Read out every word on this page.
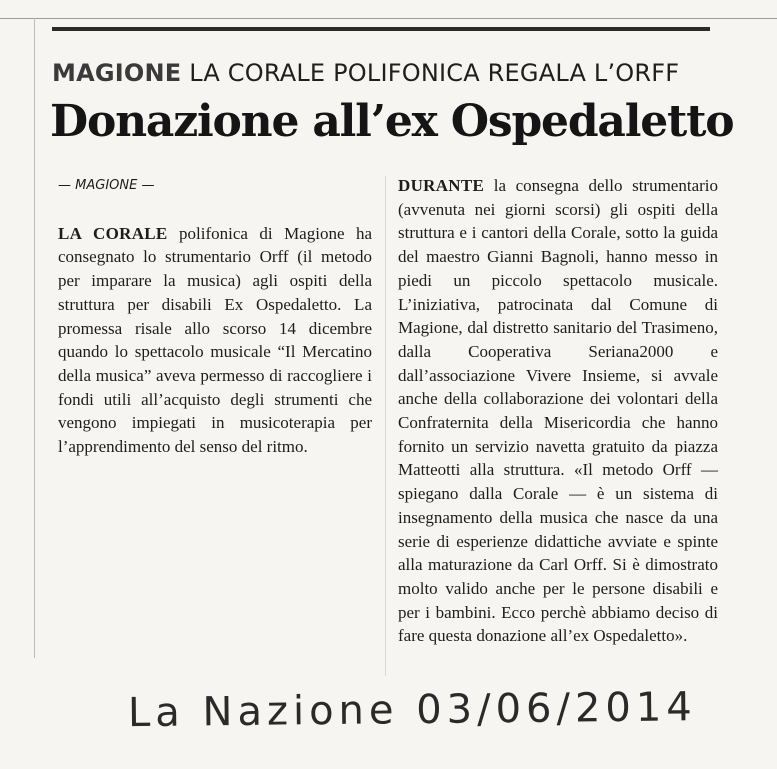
MAGIONE LA CORALE POLIFONICA REGALA L’ORFF
Donazione all’ex Ospedaletto
— MAGIONE —

LA CORALE polifonica di Magione ha consegnato lo strumentario Orff (il metodo per imparare la musica) agli ospiti della struttura per disabili Ex Ospedaletto. La promessa risale allo scorso 14 dicembre quando lo spettacolo musicale “Il Mercatino della musica” aveva permesso di raccogliere i fondi utili all’acquisto degli strumenti che vengono impiegati in musicoterapia per l’apprendimento del senso del ritmo.

DURANTE la consegna dello strumentario (avvenuta nei giorni scorsi) gli ospiti della struttura e i cantori della Corale, sotto la guida del maestro Gianni Bagnoli, hanno messo in piedi un piccolo spettacolo musicale. L’iniziativa, patrocinata dal Comune di Magione, dal distretto sanitario del Trasimeno, dalla Cooperativa Seriana2000 e dall’associazione Vivere Insieme, si avvale anche della collaborazione dei volontari della Confraternita della Misericordia che hanno fornito un servizio navetta gratuito da piazza Matteotti alla struttura. «Il metodo Orff — spiegano dalla Corale — è un sistema di insegnamento della musica che nasce da una serie di esperienze didattiche avviate e spinte alla maturazione da Carl Orff. Si è dimostrato molto valido anche per le persone disabili e per i bambini. Ecco perchè abbiamo deciso di fare questa donazione all’ex Ospedaletto».

La Nazione 03/06/2014
